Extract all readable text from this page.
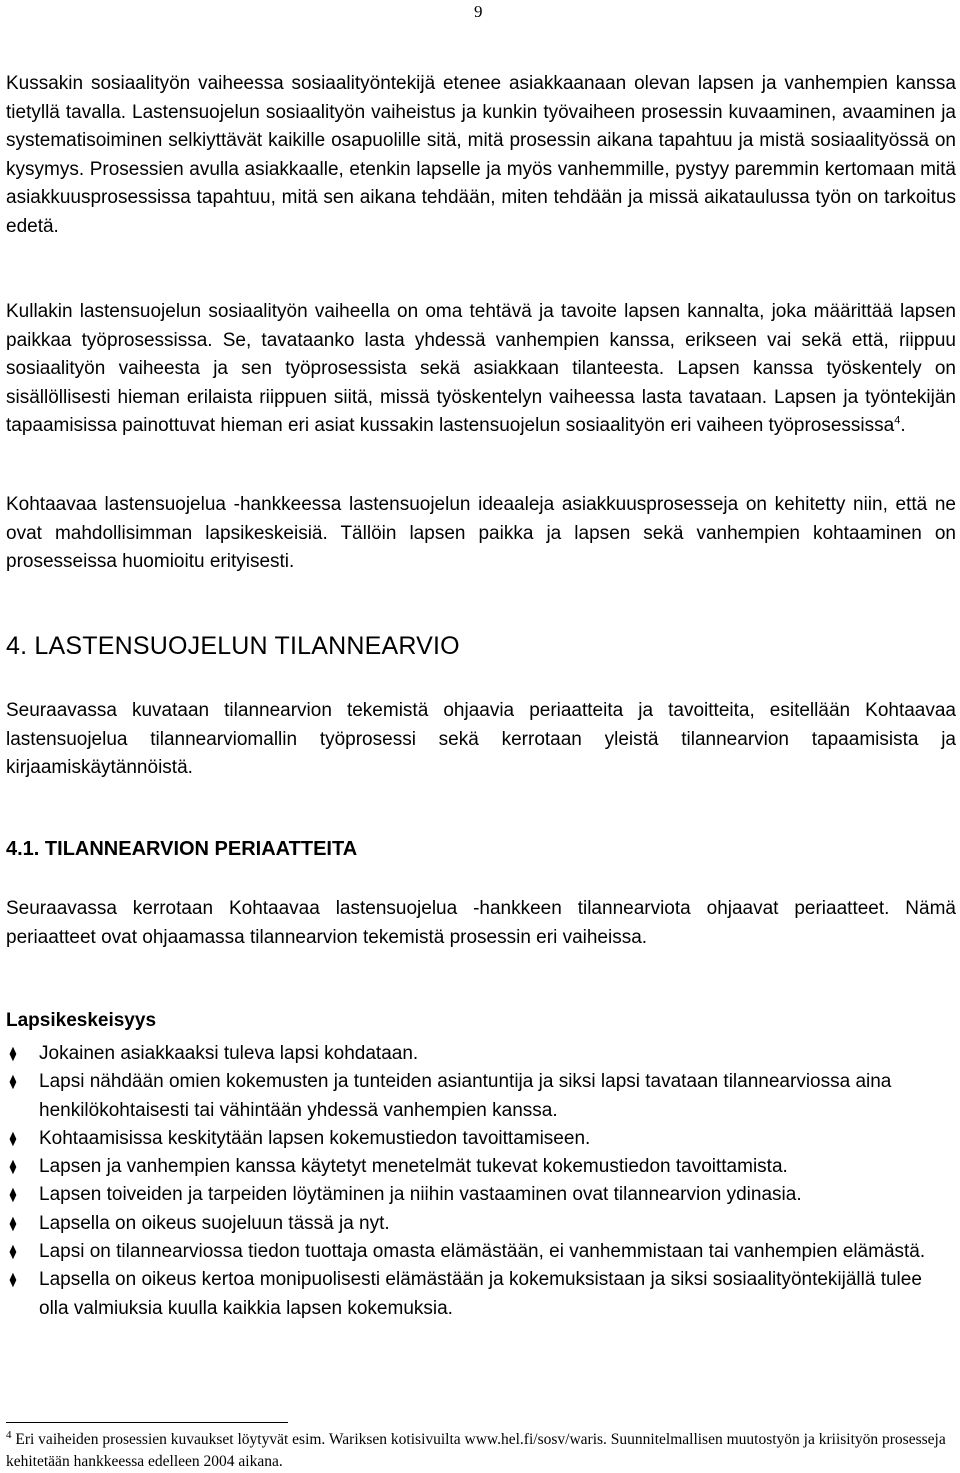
9

Kussakin sosiaalityön vaiheessa sosiaalityöntekijä etenee asiakkaanaan olevan lapsen ja vanhempien kanssa tietyllä tavalla. Lastensuojelun sosiaalityön vaiheistus ja kunkin työvaiheen prosessin kuvaaminen, avaaminen ja systematisoiminen selkiyttävät kaikille osapuolille sitä, mitä prosessin aikana tapahtuu ja mistä sosiaalityössä on kysymys. Prosessien avulla asiakkaalle, etenkin lapselle ja myös vanhemmille, pystyy paremmin kertomaan mitä asiakkuusprosessissa tapahtuu, mitä sen aikana tehdään, miten tehdään ja missä aikataulussa työn on tarkoitus edetä.

Kullakin lastensuojelun sosiaalityön vaiheella on oma tehtävä ja tavoite lapsen kannalta, joka määrittää lapsen paikkaa työprosessissa. Se, tavataanko lasta yhdessä vanhempien kanssa, erikseen vai sekä että, riippuu sosiaalityön vaiheesta ja sen työprosessista sekä asiakkaan tilanteesta. Lapsen kanssa työskentely on sisällöllisesti hieman erilaista riippuen siitä, missä työskentelyn vaiheessa lasta tavataan. Lapsen ja työntekijän tapaamisissa painottuvat hieman eri asiat kussakin lastensuojelun sosiaalityön eri vaiheen työprosessissa$^4$.

Kohtaavaa lastensuojelua -hankkeessa lastensuojelun ideaaleja asiakkuusprosesseja on kehitetty niin, että ne ovat mahdollisimman lapsikeskeisiä. Tällöin lapsen paikka ja lapsen sekä vanhempien kohtaaminen on prosesseissa huomioitu erityisesti.

4. LASTENSUOJELUN TILANNEARVIO

Seuraavassa kuvataan tilannearvion tekemistä ohjaavia periaatteita ja tavoitteita, esitellään Kohtaavaa lastensuojelua tilannearviomallin työprosessi sekä kerrotaan yleistä tilannearvion tapaamisista ja kirjaamiskäytännöistä.

4.1. TILANNEARVION PERIAATTEITA

Seuraavassa kerrotaan Kohtaavaa lastensuojelua -hankkeen tilannearviota ohjaavat periaatteet. Nämä periaatteet ovat ohjaamassa tilannearvion tekemistä prosessin eri vaiheissa.

Lapsikeskeisyys
⧫ Jokainen asiakkaaksi tuleva lapsi kohdataan.
⧫ Lapsi nähdään omien kokemusten ja tunteiden asiantuntija ja siksi lapsi tavataan tilannearviossa aina henkilökohtaisesti tai vähintään yhdessä vanhempien kanssa.
⧫ Kohtaamisissa keskitytään lapsen kokemustiedon tavoittamiseen.
⧫ Lapsen ja vanhempien kanssa käytetyt menetelmät tukevat kokemustiedon tavoittamista.
⧫ Lapsen toiveiden ja tarpeiden löytäminen ja niihin vastaaminen ovat tilannearvion ydinasia.
⧫ Lapsella on oikeus suojeluun tässä ja nyt.
⧫ Lapsi on tilannearviossa tiedon tuottaja omasta elämästään, ei vanhemmistaan tai vanhempien elämästä.
⧫ Lapsella on oikeus kertoa monipuolisesti elämästään ja kokemuksistaan ja siksi sosiaalityöntekijällä tulee olla valmiuksia kuulla kaikkia lapsen kokemuksia.

$^4$ Eri vaiheiden prosessien kuvaukset löytyvät esim. Wariksen kotisivuilta www.hel.fi/sosv/waris. Suunnitelmallisen muutostyön ja kriisityön prosesseja kehitetään hankkeessa edelleen 2004 aikana.
